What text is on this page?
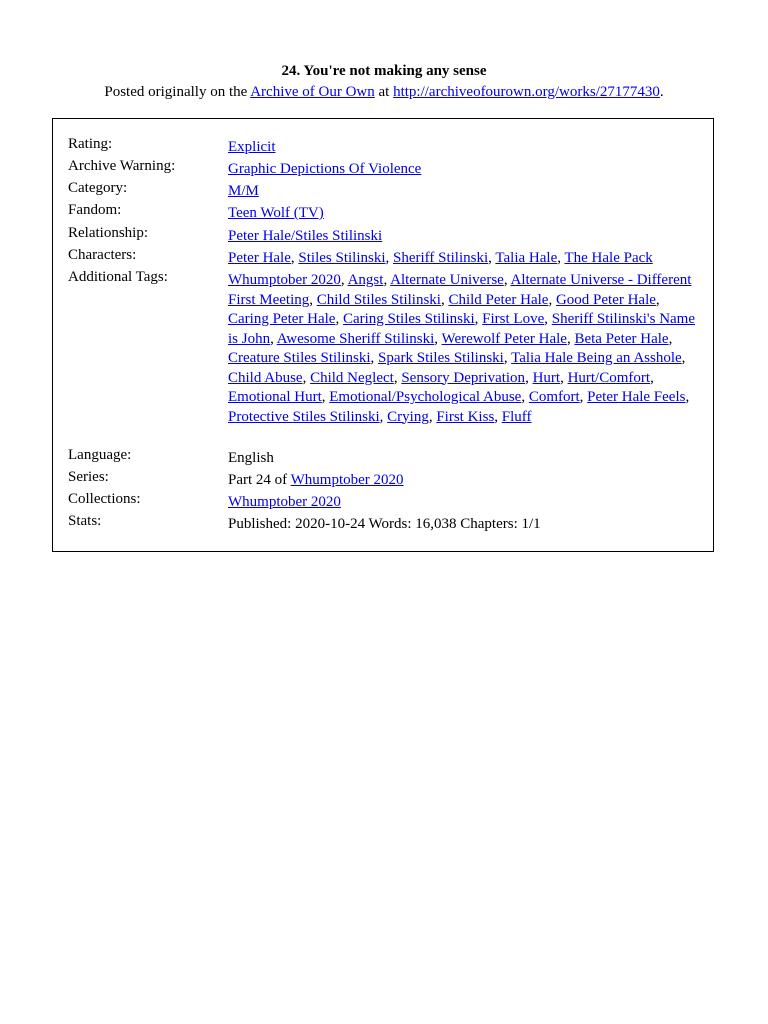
24. You're not making any sense
Posted originally on the Archive of Our Own at http://archiveofourown.org/works/27177430.
Rating:	Explicit
Archive Warning:	Graphic Depictions Of Violence
Category:	M/M
Fandom:	Teen Wolf (TV)
Relationship:	Peter Hale/Stiles Stilinski
Characters:	Peter Hale, Stiles Stilinski, Sheriff Stilinski, Talia Hale, The Hale Pack
Additional Tags:	Whumptober 2020, Angst, Alternate Universe, Alternate Universe - Different First Meeting, Child Stiles Stilinski, Child Peter Hale, Good Peter Hale, Caring Peter Hale, Caring Stiles Stilinski, First Love, Sheriff Stilinski's Name is John, Awesome Sheriff Stilinski, Werewolf Peter Hale, Beta Peter Hale, Creature Stiles Stilinski, Spark Stiles Stilinski, Talia Hale Being an Asshole, Child Abuse, Child Neglect, Sensory Deprivation, Hurt, Hurt/Comfort, Emotional Hurt, Emotional/Psychological Abuse, Comfort, Peter Hale Feels, Protective Stiles Stilinski, Crying, First Kiss, Fluff
Language:	English
Series:	Part 24 of Whumptober 2020
Collections:	Whumptober 2020
Stats:	Published: 2020-10-24 Words: 16,038 Chapters: 1/1
